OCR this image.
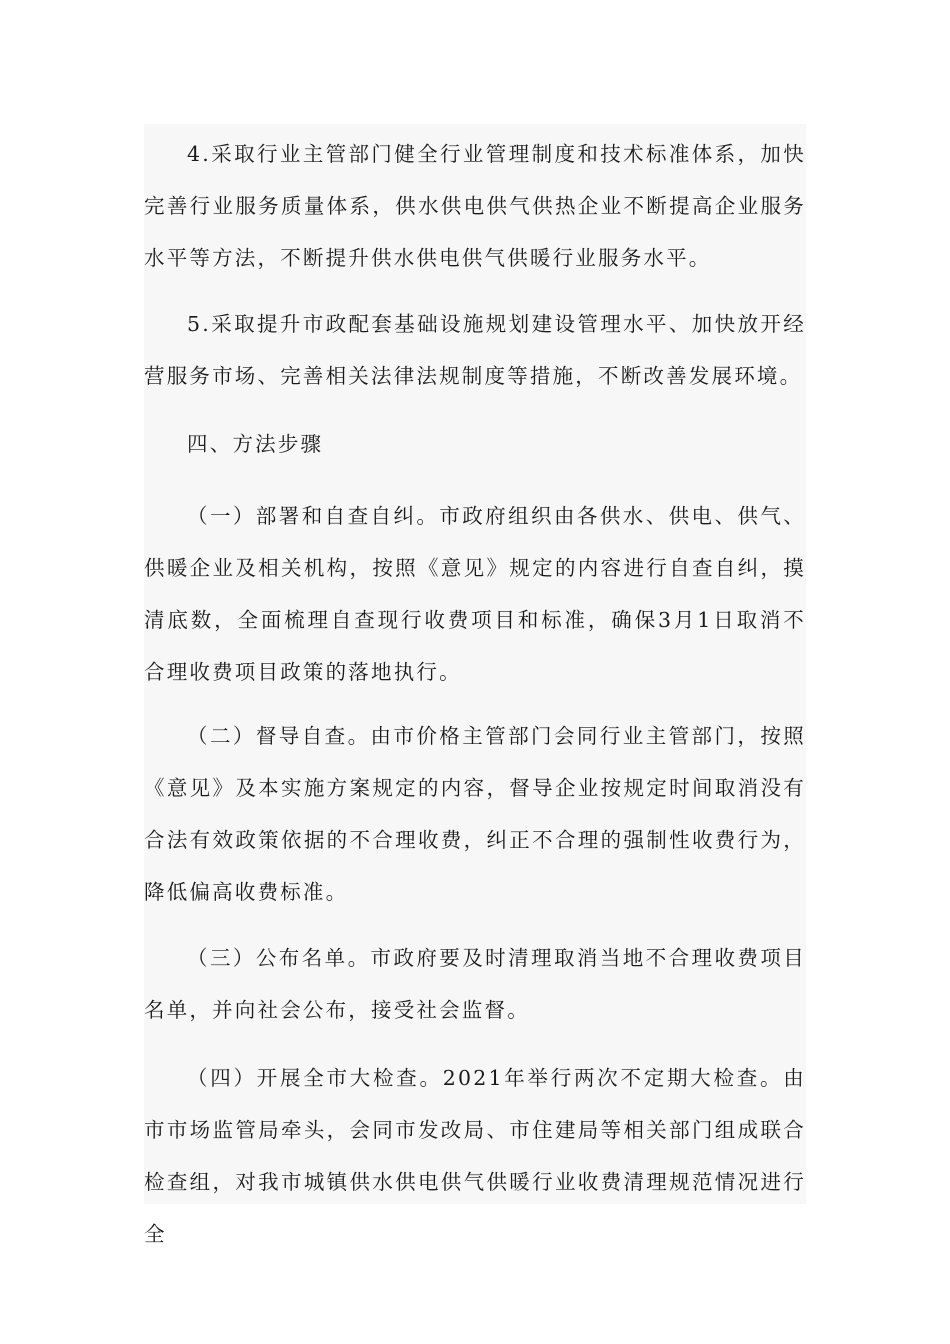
4.采取行业主管部门健全行业管理制度和技术标准体系，加快完善行业服务质量体系，供水供电供气供热企业不断提高企业服务水平等方法，不断提升供水供电供气供暖行业服务水平。

5.采取提升市政配套基础设施规划建设管理水平、加快放开经营服务市场、完善相关法律法规制度等措施，不断改善发展环境。

四、方法步骤

（一）部署和自查自纠。市政府组织由各供水、供电、供气、供暖企业及相关机构，按照《意见》规定的内容进行自查自纠，摸清底数，全面梳理自查现行收费项目和标准，确保3月1日取消不合理收费项目政策的落地执行。

（二）督导自查。由市价格主管部门会同行业主管部门，按照《意见》及本实施方案规定的内容，督导企业按规定时间取消没有合法有效政策依据的不合理收费，纠正不合理的强制性收费行为，降低偏高收费标准。

（三）公布名单。市政府要及时清理取消当地不合理收费项目名单，并向社会公布，接受社会监督。

（四）开展全市大检查。2021年举行两次不定期大检查。由市市场监管局牵头，会同市发改局、市住建局等相关部门组成联合检查组，对我市城镇供水供电供气供暖行业收费清理规范情况进行全
